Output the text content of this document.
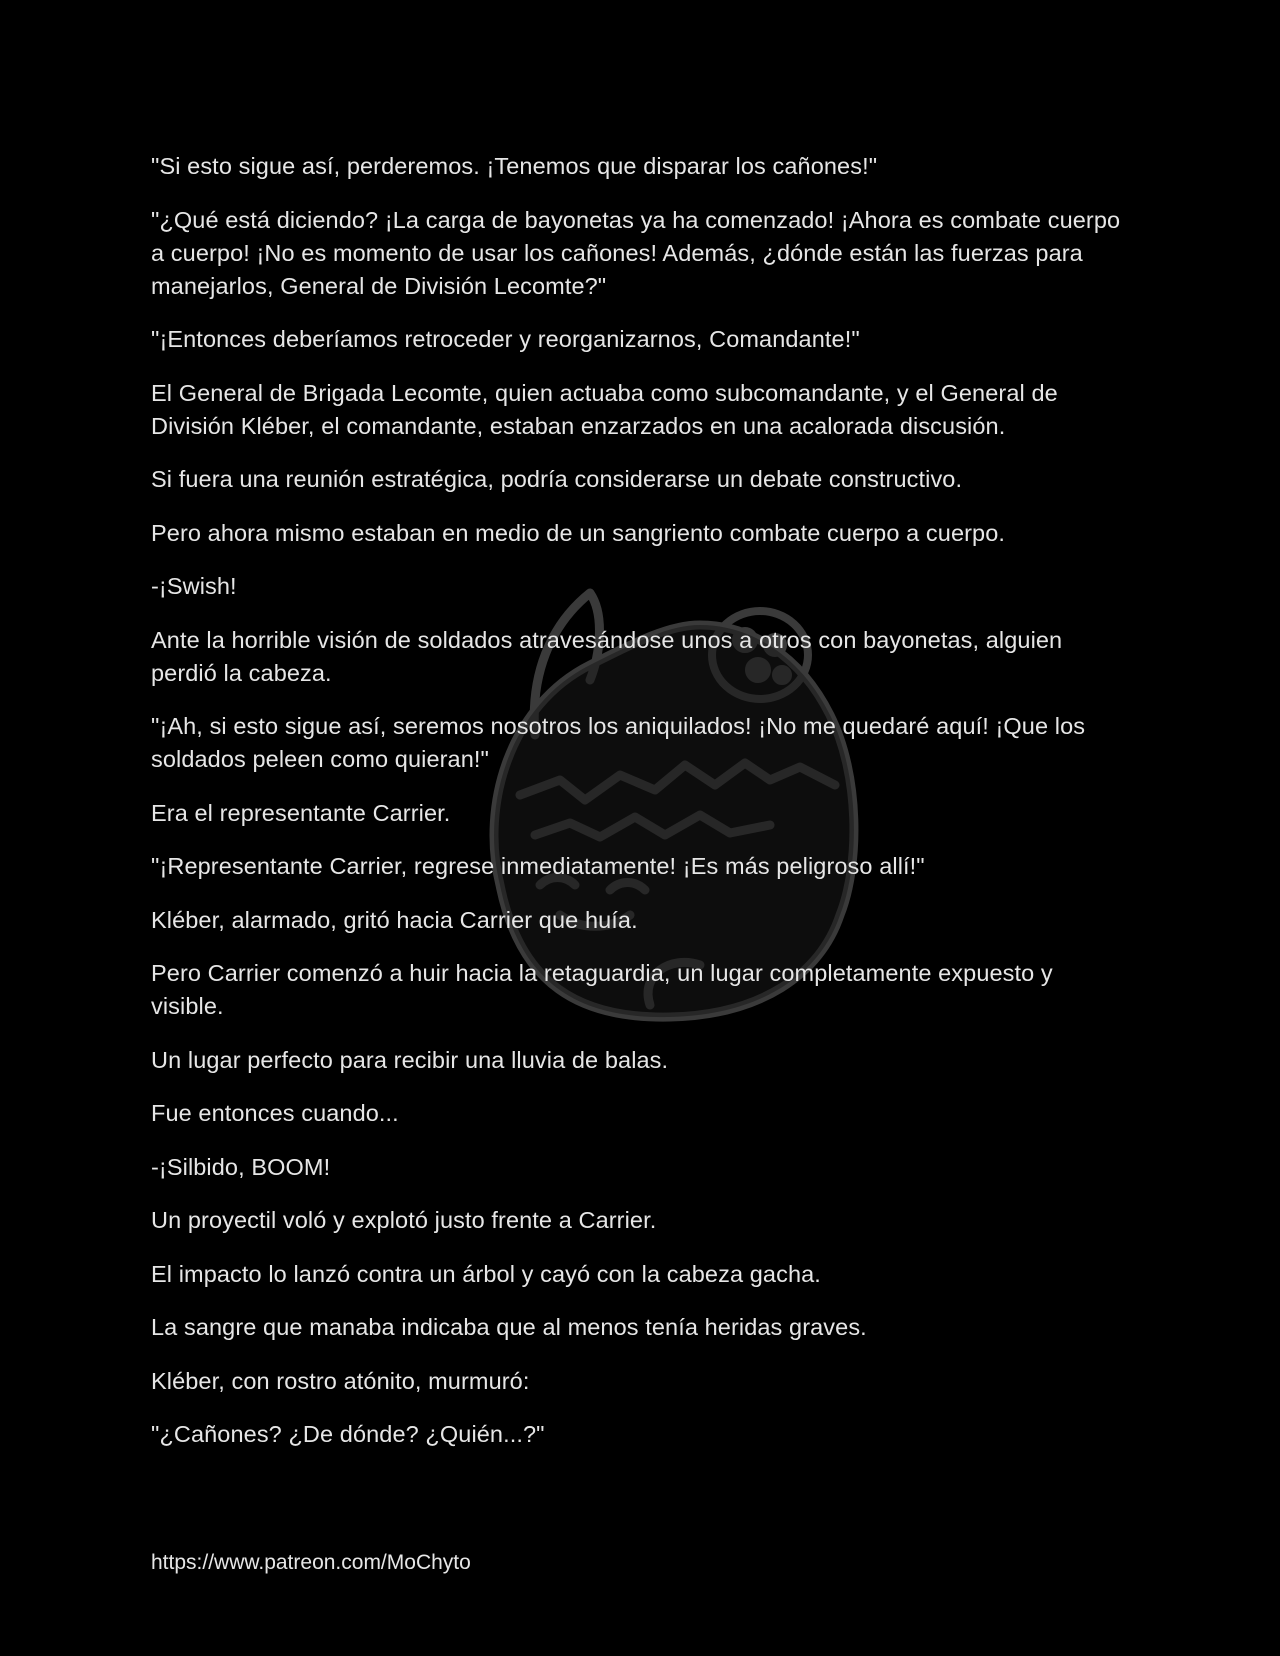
"Si esto sigue así, perderemos. ¡Tenemos que disparar los cañones!"

"¿Qué está diciendo? ¡La carga de bayonetas ya ha comenzado! ¡Ahora es combate cuerpo a cuerpo! ¡No es momento de usar los cañones! Además, ¿dónde están las fuerzas para manejarlos, General de División Lecomte?"

"¡Entonces deberíamos retroceder y reorganizarnos, Comandante!"

El General de Brigada Lecomte, quien actuaba como subcomandante, y el General de División Kléber, el comandante, estaban enzarzados en una acalorada discusión.

Si fuera una reunión estratégica, podría considerarse un debate constructivo.

Pero ahora mismo estaban en medio de un sangriento combate cuerpo a cuerpo.

-¡Swish!

Ante la horrible visión de soldados atravesándose unos a otros con bayonetas, alguien perdió la cabeza.

"¡Ah, si esto sigue así, seremos nosotros los aniquilados! ¡No me quedaré aquí! ¡Que los soldados peleen como quieran!"

Era el representante Carrier.

"¡Representante Carrier, regrese inmediatamente! ¡Es más peligroso allí!"

Kléber, alarmado, gritó hacia Carrier que huía.

Pero Carrier comenzó a huir hacia la retaguardia, un lugar completamente expuesto y visible.

Un lugar perfecto para recibir una lluvia de balas.

Fue entonces cuando...

-¡Silbido, BOOM!

Un proyectil voló y explotó justo frente a Carrier.

El impacto lo lanzó contra un árbol y cayó con la cabeza gacha.

La sangre que manaba indicaba que al menos tenía heridas graves.

Kléber, con rostro atónito, murmuró:

"¿Cañones? ¿De dónde? ¿Quién...?"

https://www.patreon.com/MoChyto
